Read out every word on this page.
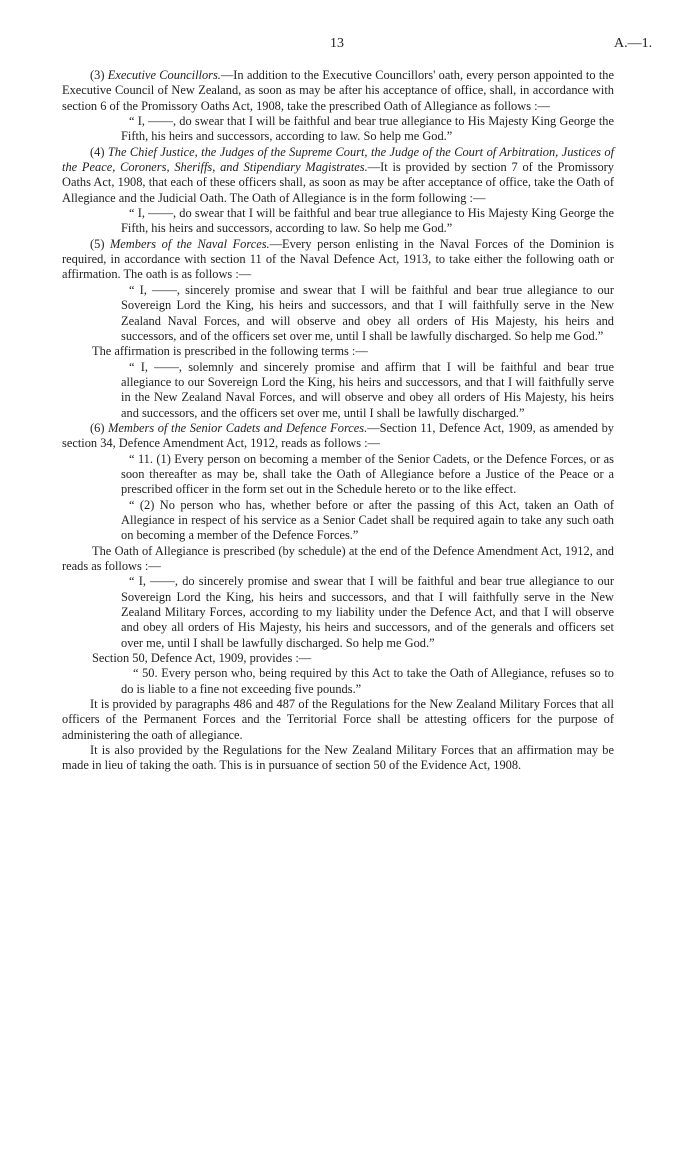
13	A.—1.

(3) Executive Councillors.—In addition to the Executive Councillors' oath, every person appointed to the Executive Council of New Zealand, as soon as may be after his acceptance of office, shall, in accordance with section 6 of the Promissory Oaths Act, 1908, take the prescribed Oath of Allegiance as follows :—

“ I, ——, do swear that I will be faithful and bear true allegiance to His Majesty King George the Fifth, his heirs and successors, according to law. So help me God.”

(4) The Chief Justice, the Judges of the Supreme Court, the Judge of the Court of Arbitration, Justices of the Peace, Coroners, Sheriffs, and Stipendiary Magistrates.—It is provided by section 7 of the Promissory Oaths Act, 1908, that each of these officers shall, as soon as may be after acceptance of office, take the Oath of Allegiance and the Judicial Oath. The Oath of Allegiance is in the form following :—

“ I, ——, do swear that I will be faithful and bear true allegiance to His Majesty King George the Fifth, his heirs and successors, according to law. So help me God.”

(5) Members of the Naval Forces.—Every person enlisting in the Naval Forces of the Dominion is required, in accordance with section 11 of the Naval Defence Act, 1913, to take either the following oath or affirmation. The oath is as follows :—

“ I, ——, sincerely promise and swear that I will be faithful and bear true allegiance to our Sovereign Lord the King, his heirs and successors, and that I will faithfully serve in the New Zealand Naval Forces, and will observe and obey all orders of His Majesty, his heirs and successors, and of the officers set over me, until I shall be lawfully discharged. So help me God.”

The affirmation is prescribed in the following terms :—

“ I, ——, solemnly and sincerely promise and affirm that I will be faithful and bear true allegiance to our Sovereign Lord the King, his heirs and successors, and that I will faithfully serve in the New Zealand Naval Forces, and will observe and obey all orders of His Majesty, his heirs and successors, and the officers set over me, until I shall be lawfully discharged.”

(6) Members of the Senior Cadets and Defence Forces.—Section 11, Defence Act, 1909, as amended by section 34, Defence Amendment Act, 1912, reads as follows :—

“ 11. (1) Every person on becoming a member of the Senior Cadets, or the Defence Forces, or as soon thereafter as may be, shall take the Oath of Allegiance before a Justice of the Peace or a prescribed officer in the form set out in the Schedule hereto or to the like effect.

“ (2) No person who has, whether before or after the passing of this Act, taken an Oath of Allegiance in respect of his service as a Senior Cadet shall be required again to take any such oath on becoming a member of the Defence Forces.”

The Oath of Allegiance is prescribed (by schedule) at the end of the Defence Amendment Act, 1912, and reads as follows :—

“ I, ——, do sincerely promise and swear that I will be faithful and bear true allegiance to our Sovereign Lord the King, his heirs and successors, and that I will faithfully serve in the New Zealand Military Forces, according to my liability under the Defence Act, and that I will observe and obey all orders of His Majesty, his heirs and successors, and of the generals and officers set over me, until I shall be lawfully discharged. So help me God.”

Section 50, Defence Act, 1909, provides :—

“ 50. Every person who, being required by this Act to take the Oath of Allegiance, refuses so to do is liable to a fine not exceeding five pounds.”

It is provided by paragraphs 486 and 487 of the Regulations for the New Zealand Military Forces that all officers of the Permanent Forces and the Territorial Force shall be attesting officers for the purpose of administering the oath of allegiance.

It is also provided by the Regulations for the New Zealand Military Forces that an affirmation may be made in lieu of taking the oath. This is in pursuance of section 50 of the Evidence Act, 1908.
